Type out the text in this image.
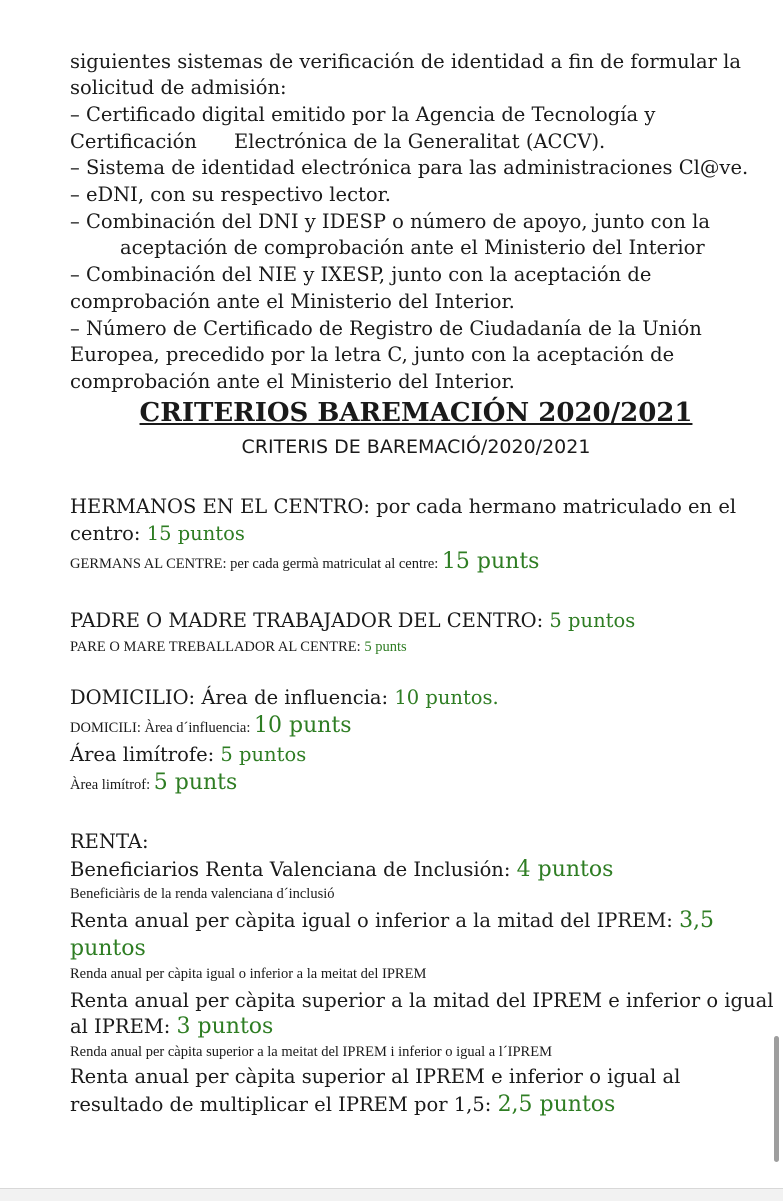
siguientes sistemas de verificación de identidad a fin de formular la
solicitud de admisión:
– Certificado digital emitido por la Agencia de Tecnología y
Certificación      Electrónica de la Generalitat (ACCV).
– Sistema de identidad electrónica para las administraciones Cl@ve.
– eDNI, con su respectivo lector.
– Combinación del DNI y IDESP o número de apoyo, junto con la
aceptación de comprobación ante el Ministerio del Interior
– Combinación del NIE y IXESP, junto con la aceptación de
comprobación ante el Ministerio del Interior.
– Número de Certificado de Registro de Ciudadanía de la Unión
Europea, precedido por la letra C, junto con la aceptación de
comprobación ante el Ministerio del Interior.
CRITERIOS BAREMACIÓN 2020/2021
CRITERIS DE BAREMACIÓ/2020/2021
HERMANOS EN EL CENTRO: por cada hermano matriculado en el
centro: 15 puntos
GERMANS AL CENTRE: per cada germà matriculat al centre: 15 punts
PADRE O MADRE TRABAJADOR DEL CENTRO: 5 puntos
PARE O MARE TREBALLADOR AL CENTRE: 5 punts
DOMICILIO: Área de influencia: 10 puntos.
DOMICILI: Àrea d´influencia: 10 punts
Área limítrofe: 5 puntos
Àrea limítrof: 5 punts
RENTA:
Beneficiarios Renta Valenciana de Inclusión: 4 puntos
Beneficiàris de la renda valenciana d´inclusió
Renta anual per càpita igual o inferior a la mitad del IPREM: 3,5
puntos
Renda anual per càpita igual o inferior a la meitat del IPREM
Renta anual per càpita superior a la mitad del IPREM e inferior o igual
al IPREM: 3 puntos
Renda anual per càpita superior a la meitat del IPREM i inferior o igual a l´IPREM
Renta anual per càpita superior al IPREM e inferior o igual al
resultado de multiplicar el IPREM por 1,5: 2,5 puntos
